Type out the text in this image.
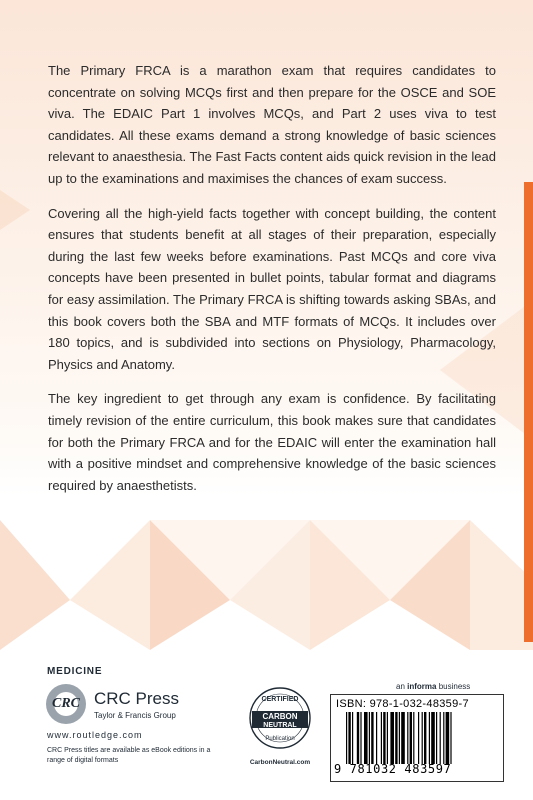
The Primary FRCA is a marathon exam that requires candidates to concentrate on solving MCQs first and then prepare for the OSCE and SOE viva. The EDAIC Part 1 involves MCQs, and Part 2 uses viva to test candidates. All these exams demand a strong knowledge of basic sciences relevant to anaesthesia. The Fast Facts content aids quick revision in the lead up to the examinations and maximises the chances of exam success.

Covering all the high-yield facts together with concept building, the content ensures that students benefit at all stages of their preparation, especially during the last few weeks before examinations. Past MCQs and core viva concepts have been presented in bullet points, tabular format and diagrams for easy assimilation. The Primary FRCA is shifting towards asking SBAs, and this book covers both the SBA and MTF formats of MCQs. It includes over 180 topics, and is subdivided into sections on Physiology, Pharmacology, Physics and Anatomy.

The key ingredient to get through any exam is confidence. By facilitating timely revision of the entire curriculum, this book makes sure that candidates for both the Primary FRCA and for the EDAIC will enter the examination hall with a positive mindset and comprehensive knowledge of the basic sciences required by anaesthetists.

MEDICINE
CRC CRC Press
Taylor & Francis Group
www.routledge.com
CRC Press titles are available as eBook editions in a range of digital formats
CERTIFIED
CARBON
NEUTRAL
Publication
CarbonNeutral.com
an informa business
ISBN: 978-1-032-48359-7
9 781032 483597
